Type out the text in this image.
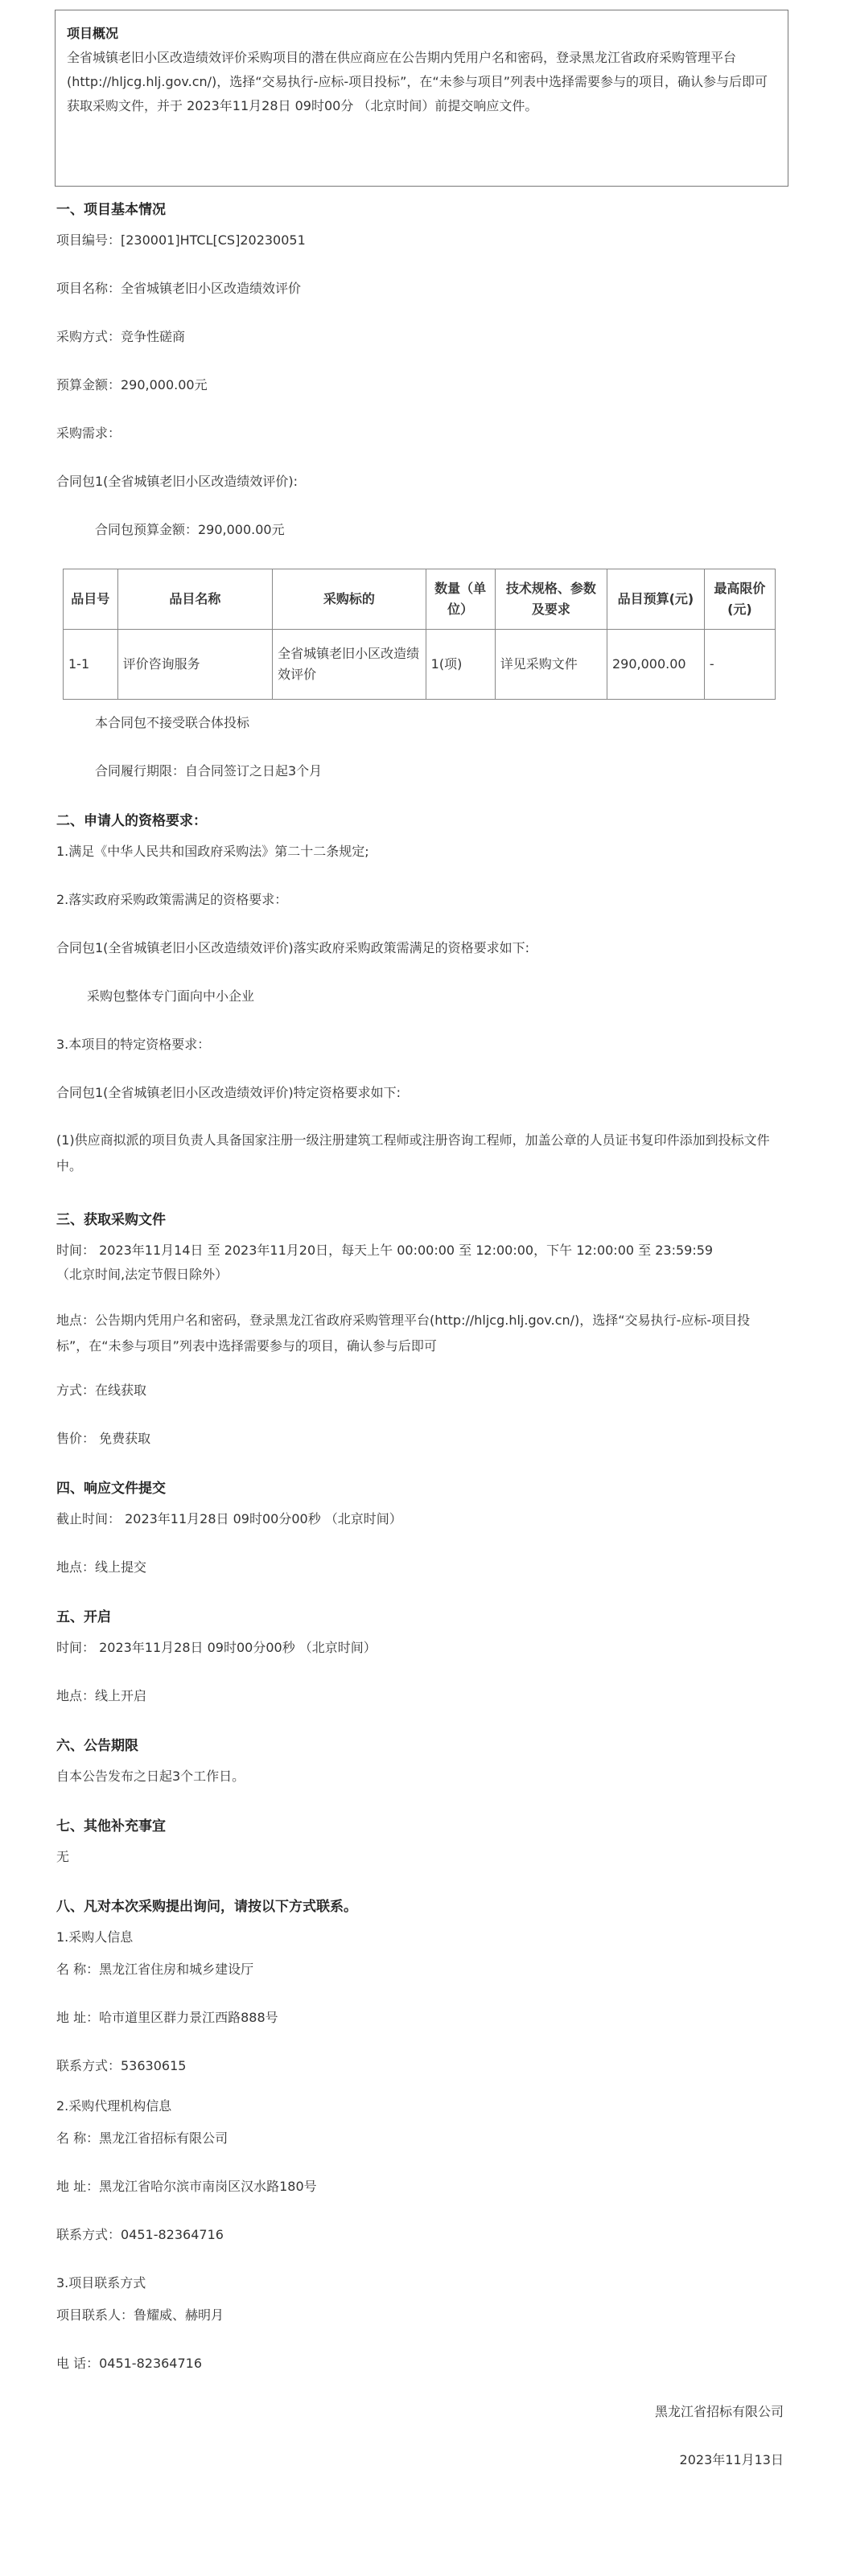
项目概况
全省城镇老旧小区改造绩效评价采购项目的潜在供应商应在公告期内凭用户名和密码，登录黑龙江省政府采购管理平台(http://hljcg.hlj.gov.cn/)，选择“交易执行-应标-项目投标”，在“未参与项目”列表中选择需要参与的项目，确认参与后即可
获取采购文件，并于 2023年11月28日 09时00分 （北京时间）前提交响应文件。
一、项目基本情况
项目编号：[230001]HTCL[CS]20230051
项目名称：全省城镇老旧小区改造绩效评价
采购方式：竞争性磋商
预算金额：290,000.00元
采购需求：
合同包1(全省城镇老旧小区改造绩效评价):
合同包预算金额：290,000.00元
品目号	品目名称	采购标的	数量（单位）	技术规格、参数及要求	品目预算(元)	最高限价(元)
1-1	评价咨询服务	全省城镇老旧小区改造绩效评价	1(项)	详见采购文件	290,000.00	-
本合同包不接受联合体投标
合同履行期限：自合同签订之日起3个月
二、申请人的资格要求：
1.满足《中华人民共和国政府采购法》第二十二条规定;
2.落实政府采购政策需满足的资格要求：
合同包1(全省城镇老旧小区改造绩效评价)落实政府采购政策需满足的资格要求如下:
采购包整体专门面向中小企业
3.本项目的特定资格要求：
合同包1(全省城镇老旧小区改造绩效评价)特定资格要求如下:
(1)供应商拟派的项目负责人具备国家注册一级注册建筑工程师或注册咨询工程师，加盖公章的人员证书复印件添加到投标文件中。
三、获取采购文件
时间： 2023年11月14日 至 2023年11月20日，每天上午 00:00:00 至 12:00:00，下午 12:00:00 至 23:59:59
（北京时间,法定节假日除外）
地点：公告期内凭用户名和密码，登录黑龙江省政府采购管理平台(http://hljcg.hlj.gov.cn/)，选择“交易执行-应标-项目投标”，在“未参与项目”列表中选择需要参与的项目，确认参与后即可
方式：在线获取
售价： 免费获取
四、响应文件提交
截止时间： 2023年11月28日 09时00分00秒 （北京时间）
地点：线上提交
五、开启
时间： 2023年11月28日 09时00分00秒 （北京时间）
地点：线上开启
六、公告期限
自本公告发布之日起3个工作日。
七、其他补充事宜
无
八、凡对本次采购提出询问，请按以下方式联系。
1.采购人信息
名 称：黑龙江省住房和城乡建设厅
地 址：哈市道里区群力景江西路888号
联系方式：53630615
2.采购代理机构信息
名 称：黑龙江省招标有限公司
地 址：黑龙江省哈尔滨市南岗区汉水路180号
联系方式：0451-82364716
3.项目联系方式
项目联系人：鲁耀威、赫明月
电 话：0451-82364716
黑龙江省招标有限公司
2023年11月13日
